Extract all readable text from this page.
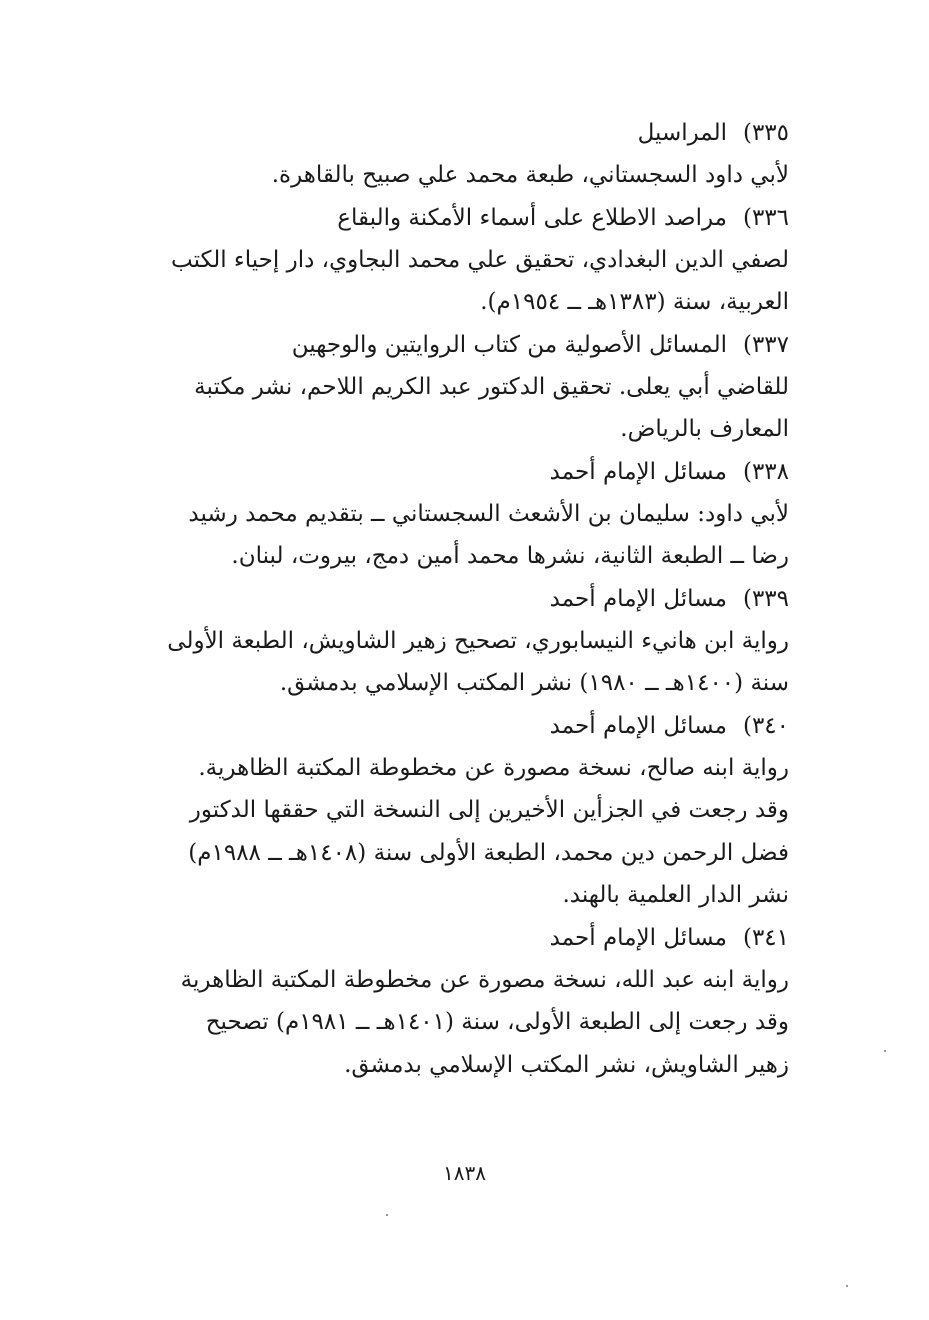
٣٣٥)
المراسيل
لأبي داود السجستاني، طبعة محمد علي صبيح بالقاهرة.
٣٣٦)
مراصد الاطلاع على أسماء الأمكنة والبقاع
لصفي الدين البغدادي، تحقيق علي محمد البجاوي، دار إحياء الكتب
العربية، سنة (١٣٨٣هـ ــ ١٩٥٤م).
٣٣٧)
المسائل الأصولية من كتاب الروايتين والوجهين
للقاضي أبي يعلى. تحقيق الدكتور عبد الكريم اللاحم، نشر مكتبة
المعارف بالرياض.
٣٣٨)
مسائل الإمام أحمد
لأبي داود: سليمان بن الأشعث السجستاني ــ بتقديم محمد رشيد
رضا ــ الطبعة الثانية، نشرها محمد أمين دمج، بيروت، لبنان.
٣٣٩)
مسائل الإمام أحمد
رواية ابن هانيء النيسابوري، تصحيح زهير الشاويش، الطبعة الأولى
سنة (١٤٠٠هـ ــ ١٩٨٠) نشر المكتب الإسلامي بدمشق.
٣٤٠)
مسائل الإمام أحمد
رواية ابنه صالح، نسخة مصورة عن مخطوطة المكتبة الظاهرية.
وقد رجعت في الجزأين الأخيرين إلى النسخة التي حققها الدكتور
فضل الرحمن دين محمد، الطبعة الأولى سنة (١٤٠٨هـ ــ ١٩٨٨م)
نشر الدار العلمية بالهند.
٣٤١)
مسائل الإمام أحمد
رواية ابنه عبد الله، نسخة مصورة عن مخطوطة المكتبة الظاهرية
وقد رجعت إلى الطبعة الأولى، سنة (١٤٠١هـ ــ ١٩٨١م) تصحيح
زهير الشاويش، نشر المكتب الإسلامي بدمشق.
١٨٣٨
